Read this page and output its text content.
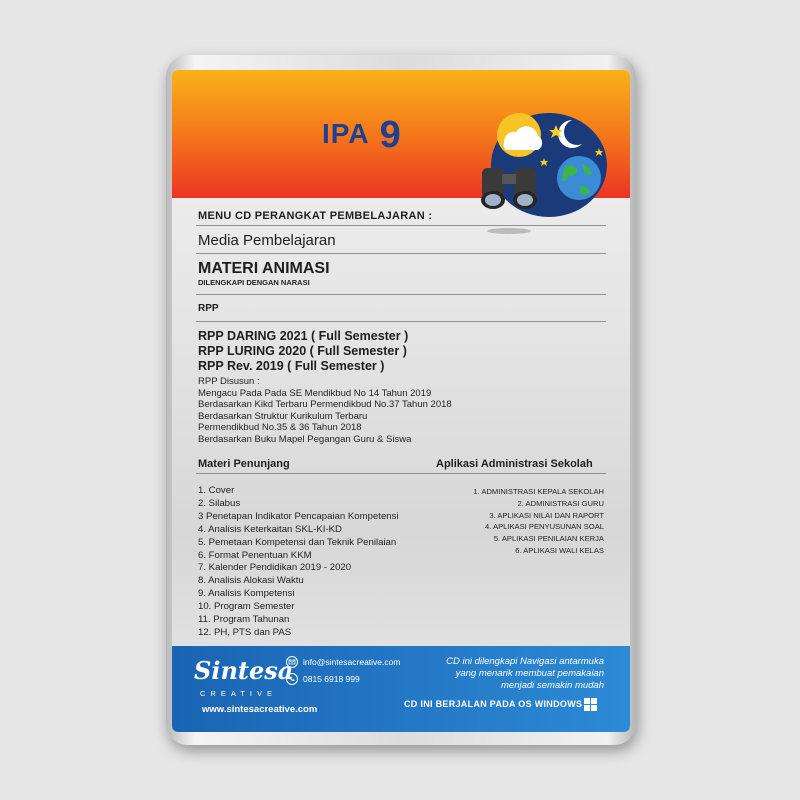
IPA 9
MENU CD PERANGKAT PEMBELAJARAN :
Media Pembelajaran
MATERI ANIMASI
DILENGKAPI DENGAN NARASI
RPP
RPP DARING 2021 ( Full Semester )
RPP LURING 2020 ( Full Semester )
RPP Rev. 2019 ( Full Semester )
RPP Disusun :
Mengacu Pada Pada SE Mendikbud No 14 Tahun 2019
Berdasarkan Kikd Terbaru Permendikbud No.37 Tahun 2018
Berdasarkan Struktur Kurikulum Terbaru
Permendikbud No.35 & 36 Tahun 2018
Berdasarkan Buku Mapel Pegangan Guru & Siswa
Materi Penunjang	Aplikasi Administrasi Sekolah
1. Cover
2. Silabus
3 Penetapan Indikator Pencapaian Kompetensi
4. Analisis Keterkaitan SKL-KI-KD
5. Pemetaan Kompetensi dan Teknik Penilaian
6. Format Penentuan KKM
7. Kalender Pendidikan 2019 - 2020
8. Analisis Alokasi Waktu
9. Analisis Kompetensi
10. Program Semester
11. Program Tahunan
12. PH, PTS dan PAS
1. ADMINISTRASI KEPALA SEKOLAH
2. ADMINISTRASI GURU
3. APLIKASI NILAI DAN RAPORT
4. APLIKASI PENYUSUNAN SOAL
5. APLIKASI PENILAIAN KERJA
6. APLIKASI WALI KELAS
Sintesa
CREATIVE
www.sintesacreative.com
info@sintesacreative.com
0815 6918 999
CD ini dilengkapi Navigasi antarmuka
yang menarik membuat pemakaian
menjadi semakin mudah
CD INI BERJALAN PADA OS WINDOWS
